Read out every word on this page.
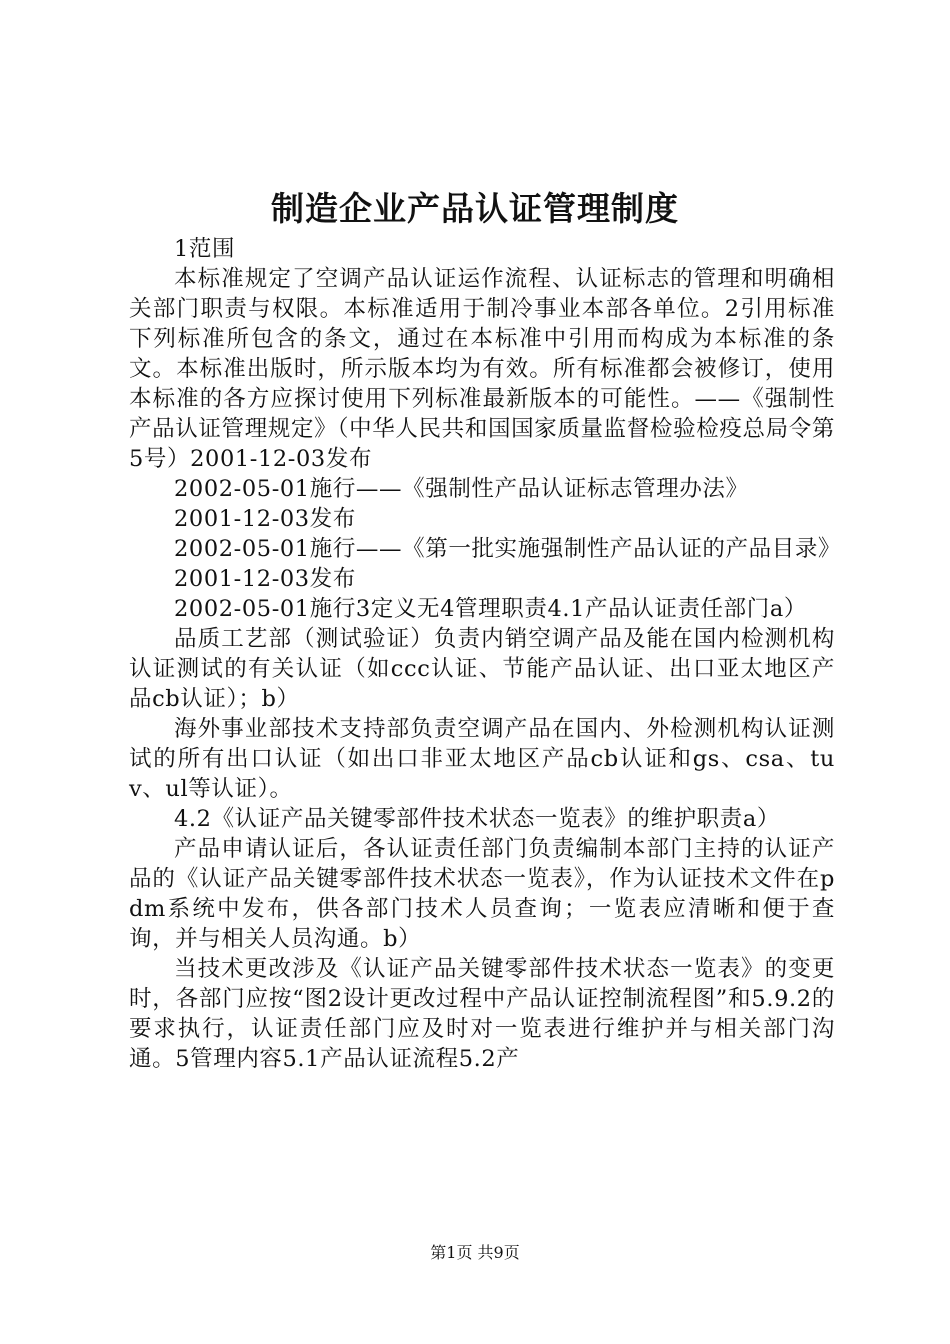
制造企业产品认证管理制度

1范围

本标准规定了空调产品认证运作流程、认证标志的管理和明确相关部门职责与权限。本标准适用于制冷事业本部各单位。2引用标准下列标准所包含的条文，通过在本标准中引用而构成为本标准的条文。本标准出版时，所示版本均为有效。所有标准都会被修订，使用本标准的各方应探讨使用下列标准最新版本的可能性。——《强制性产品认证管理规定》（中华人民共和国国家质量监督检验检疫总局令第5号）2001-12-03发布

2002-05-01施行——《强制性产品认证标志管理办法》

2001-12-03发布

2002-05-01施行——《第一批实施强制性产品认证的产品目录》

2001-12-03发布

2002-05-01施行3定义无4管理职责4.1产品认证责任部门a）

品质工艺部（测试验证）负责内销空调产品及能在国内检测机构认证测试的有关认证（如ccc认证、节能产品认证、出口亚太地区产品cb认证）；b）

海外事业部技术支持部负责空调产品在国内、外检测机构认证测试的所有出口认证（如出口非亚太地区产品cb认证和gs、csa、tuv、ul等认证）。

4.2《认证产品关键零部件技术状态一览表》的维护职责a）

产品申请认证后，各认证责任部门负责编制本部门主持的认证产品的《认证产品关键零部件技术状态一览表》，作为认证技术文件在pdm系统中发布，供各部门技术人员查询；一览表应清晰和便于查询，并与相关人员沟通。b）

当技术更改涉及《认证产品关键零部件技术状态一览表》的变更时，各部门应按“图2设计更改过程中产品认证控制流程图”和5.9.2的要求执行，认证责任部门应及时对一览表进行维护并与相关部门沟通。5管理内容5.1产品认证流程5.2产

第1页 共9页
